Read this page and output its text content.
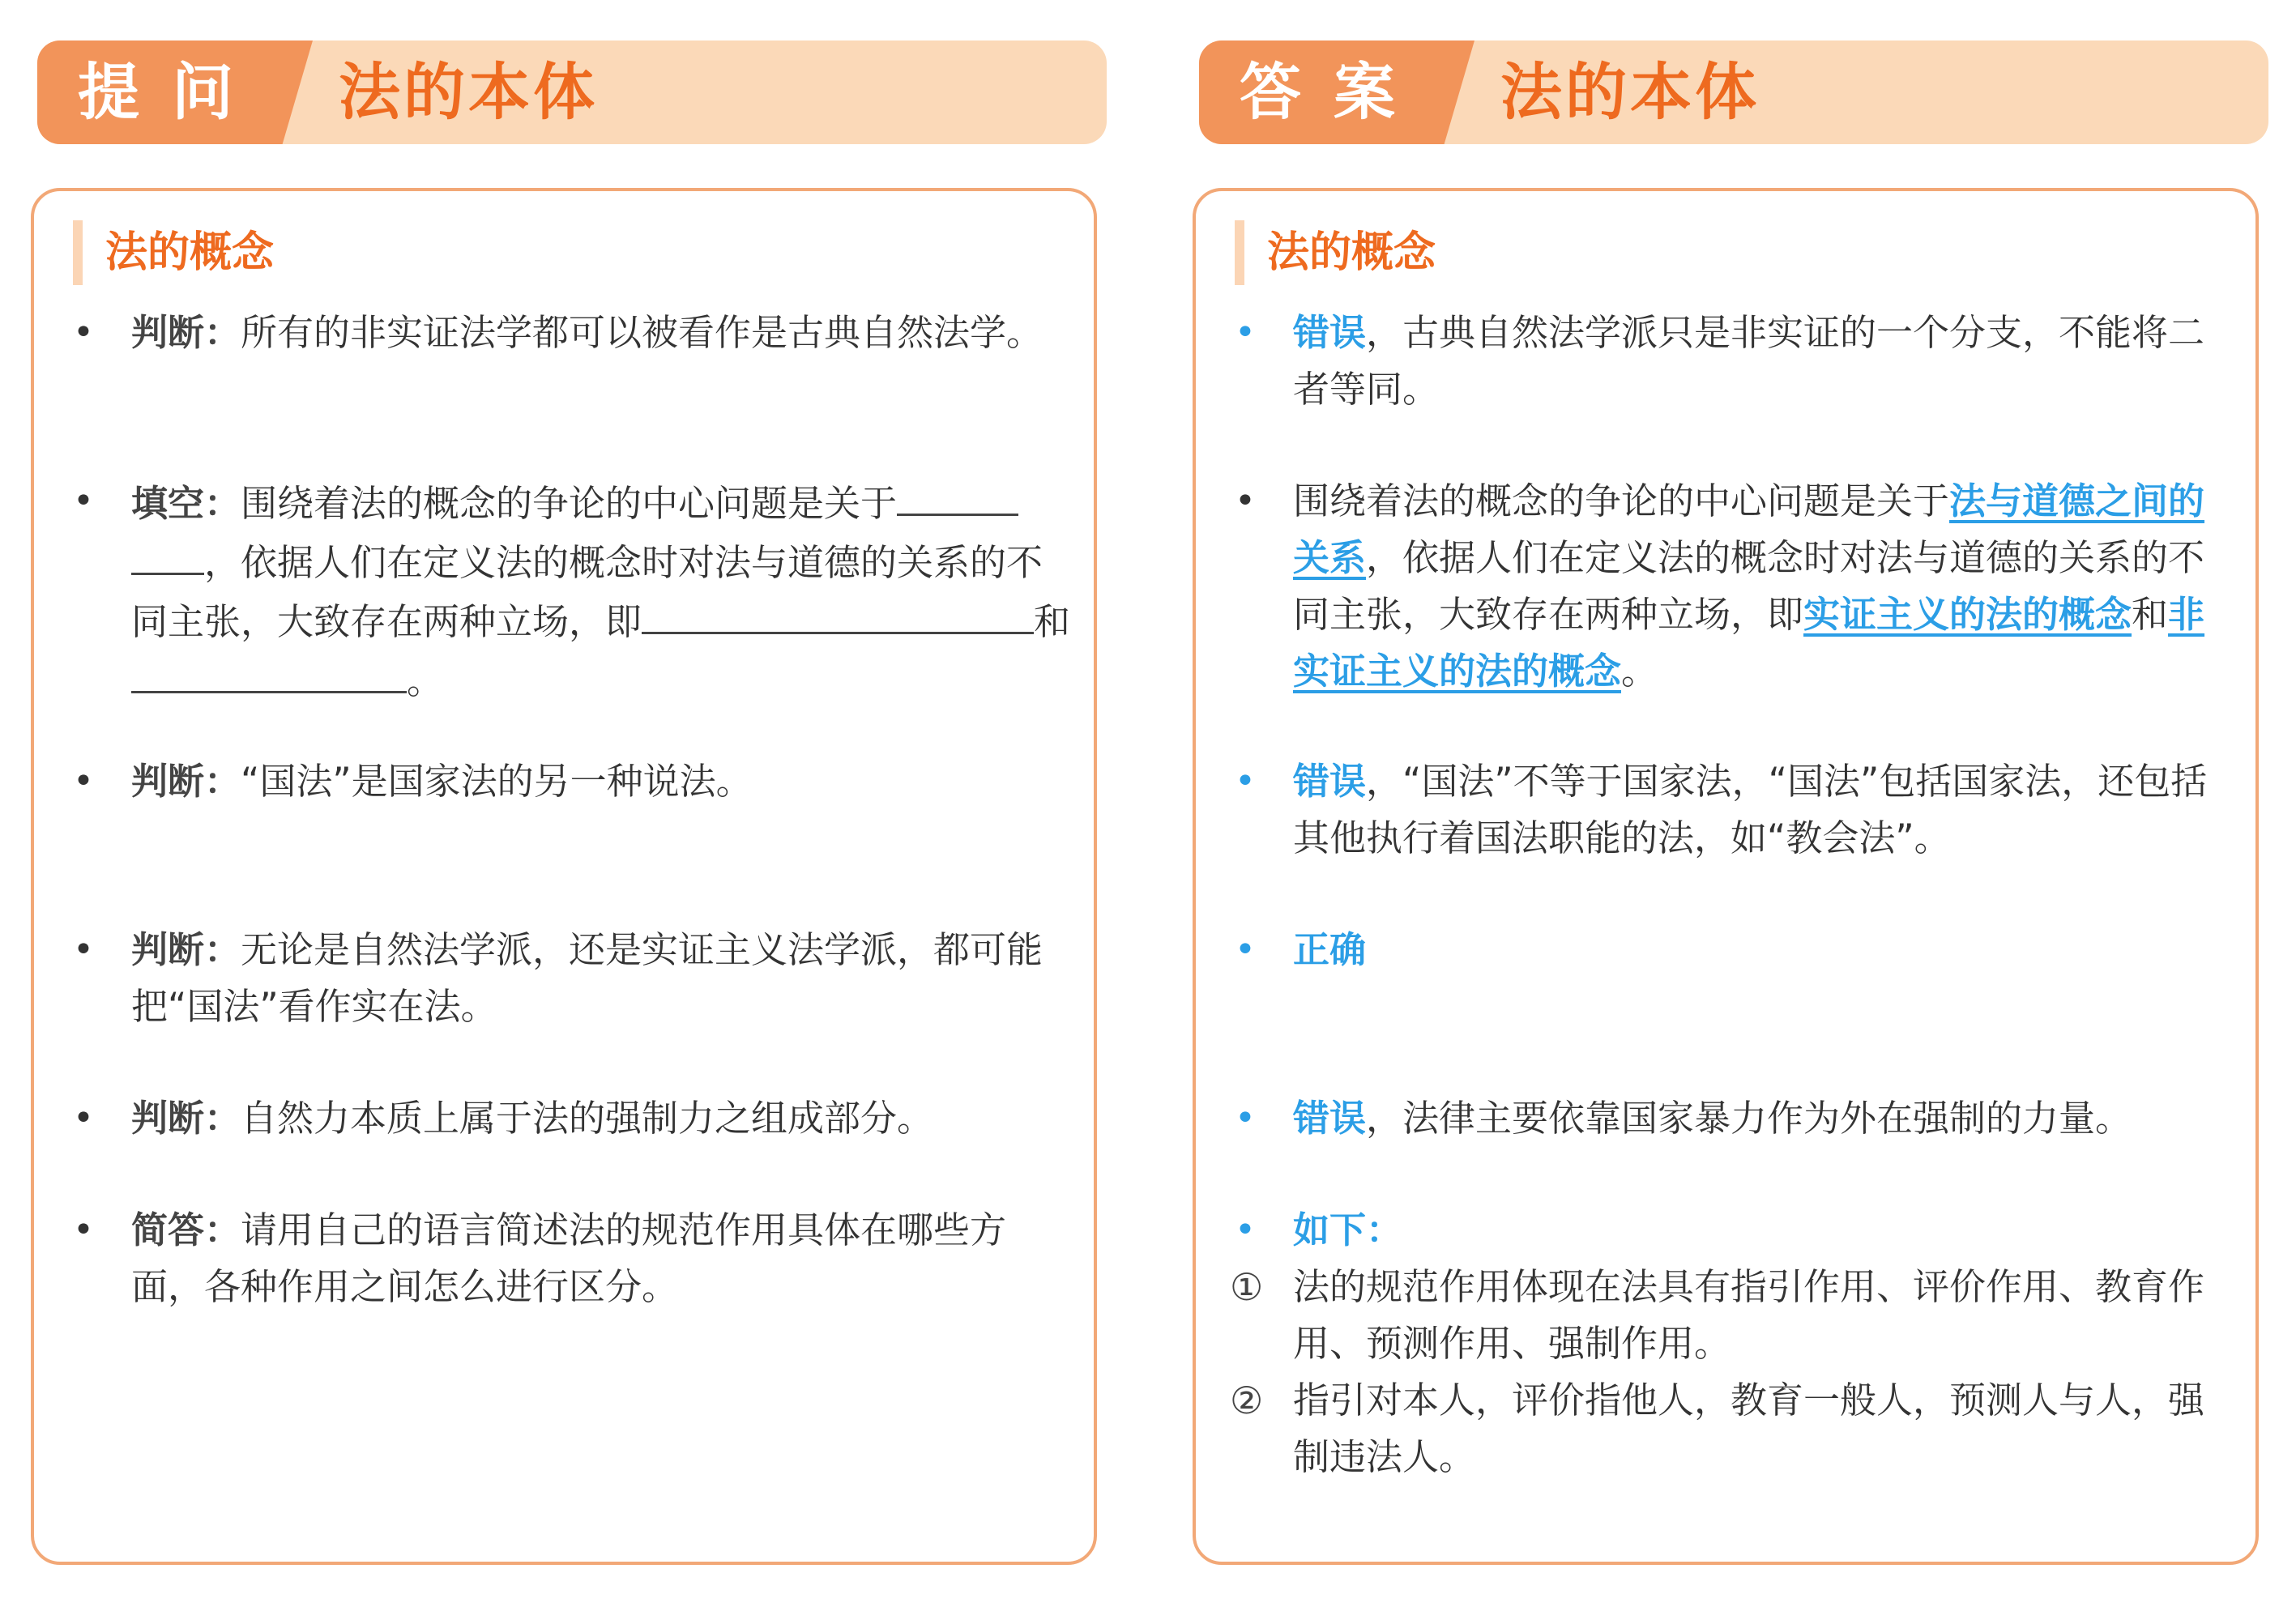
提问 法的本体
法的概念
• 判断：所有的非实证法学都可以被看作是古典自然法学。
• 填空：围绕着法的概念的争论的中心问题是关于，依据人们在定义法的概念时对法与道德的关系的不同主张，大致存在两种立场，即	和。
• 判断：“国法”是国家法的另一种说法。
• 判断：无论是自然法学派，还是实证主义法学派，都可能把“国法”看作实在法。
• 判断：自然力本质上属于法的强制力之组成部分。
• 简答：请用自己的语言简述法的规范作用具体在哪些方面，各种作用之间怎么进行区分。
答案 法的本体
法的概念
• 错误，古典自然法学派只是非实证的一个分支，不能将二者等同。
• 围绕着法的概念的争论的中心问题是关于法与道德之间的关系，依据人们在定义法的概念时对法与道德的关系的不同主张，大致存在两种立场，即实证主义的法的概念和非实证主义的法的概念。
• 错误，“国法”不等于国家法，“国法”包括国家法，还包括其他执行着国法职能的法，如“教会法”。
• 正确
• 错误，法律主要依靠国家暴力作为外在强制的力量。
• 如下：
① 法的规范作用体现在法具有指引作用、评价作用、教育作用、预测作用、强制作用。
② 指引对本人，评价指他人，教育一般人，预测人与人，强制违法人。
